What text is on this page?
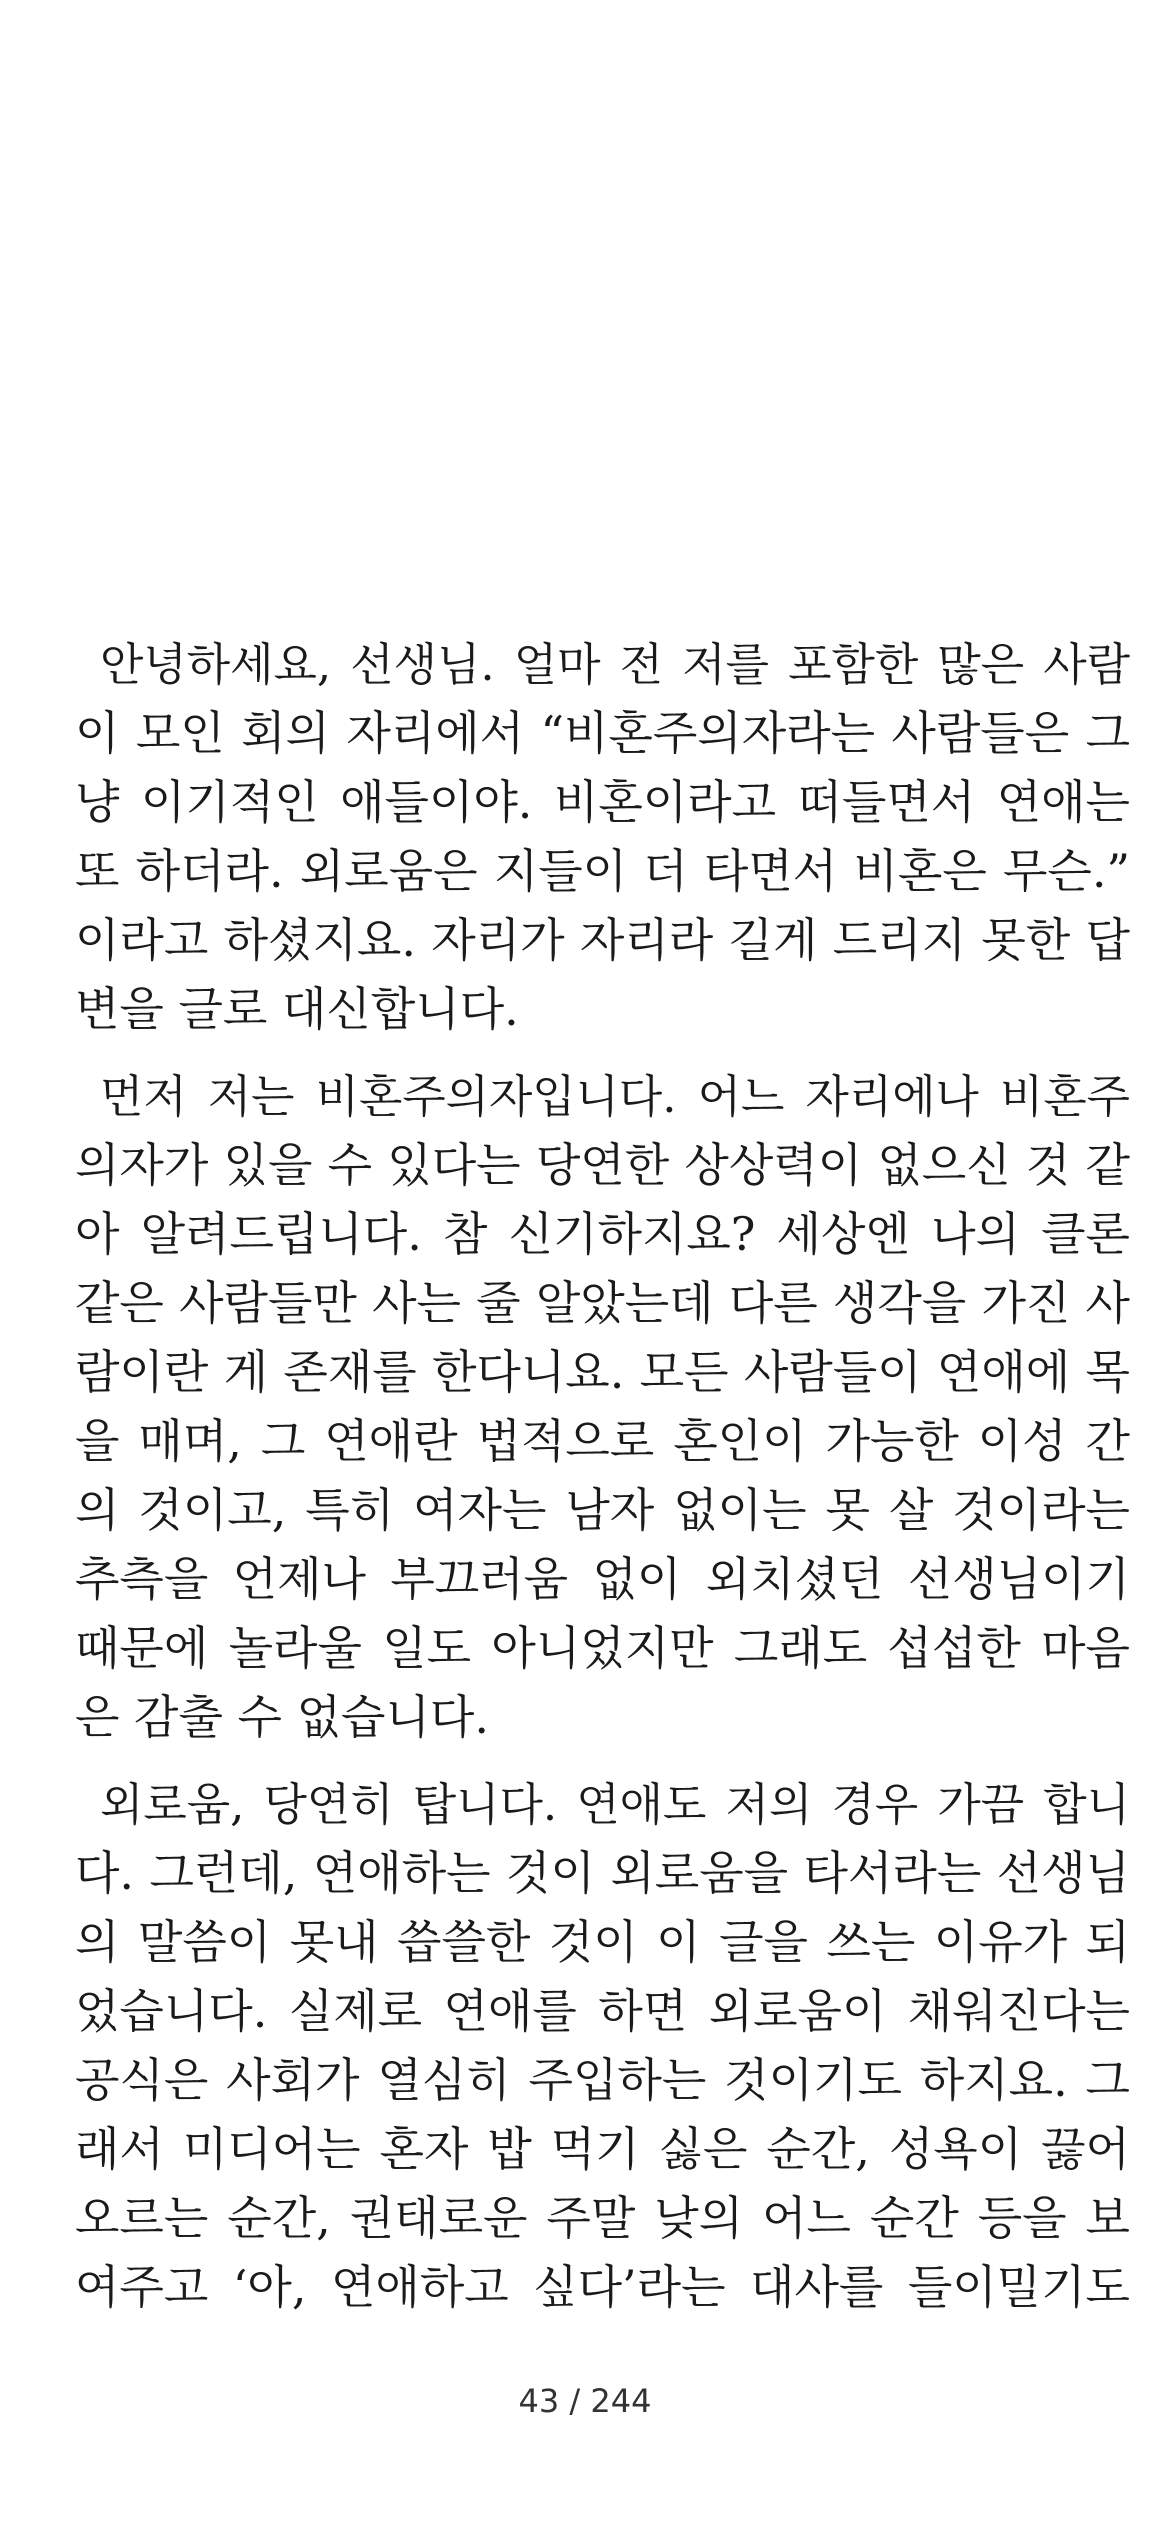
안녕하세요, 선생님. 얼마 전 저를 포함한 많은 사람
이 모인 회의 자리에서 “비혼주의자라는 사람들은 그
냥 이기적인 애들이야. 비혼이라고 떠들면서 연애는
또 하더라. 외로움은 지들이 더 타면서 비혼은 무슨.”
이라고 하셨지요. 자리가 자리라 길게 드리지 못한 답
변을 글로 대신합니다.

먼저 저는 비혼주의자입니다. 어느 자리에나 비혼주
의자가 있을 수 있다는 당연한 상상력이 없으신 것 같
아 알려드립니다. 참 신기하지요? 세상엔 나의 클론
같은 사람들만 사는 줄 알았는데 다른 생각을 가진 사
람이란 게 존재를 한다니요. 모든 사람들이 연애에 목
을 매며, 그 연애란 법적으로 혼인이 가능한 이성 간
의 것이고, 특히 여자는 남자 없이는 못 살 것이라는
추측을 언제나 부끄러움 없이 외치셨던 선생님이기
때문에 놀라울 일도 아니었지만 그래도 섭섭한 마음
은 감출 수 없습니다.

외로움, 당연히 탑니다. 연애도 저의 경우 가끔 합니
다. 그런데, 연애하는 것이 외로움을 타서라는 선생님
의 말씀이 못내 씁쓸한 것이 이 글을 쓰는 이유가 되
었습니다. 실제로 연애를 하면 외로움이 채워진다는
공식은 사회가 열심히 주입하는 것이기도 하지요. 그
래서 미디어는 혼자 밥 먹기 싫은 순간, 성욕이 끓어
오르는 순간, 권태로운 주말 낮의 어느 순간 등을 보
여주고 ‘아, 연애하고 싶다’라는 대사를 들이밀기도

43 / 244
